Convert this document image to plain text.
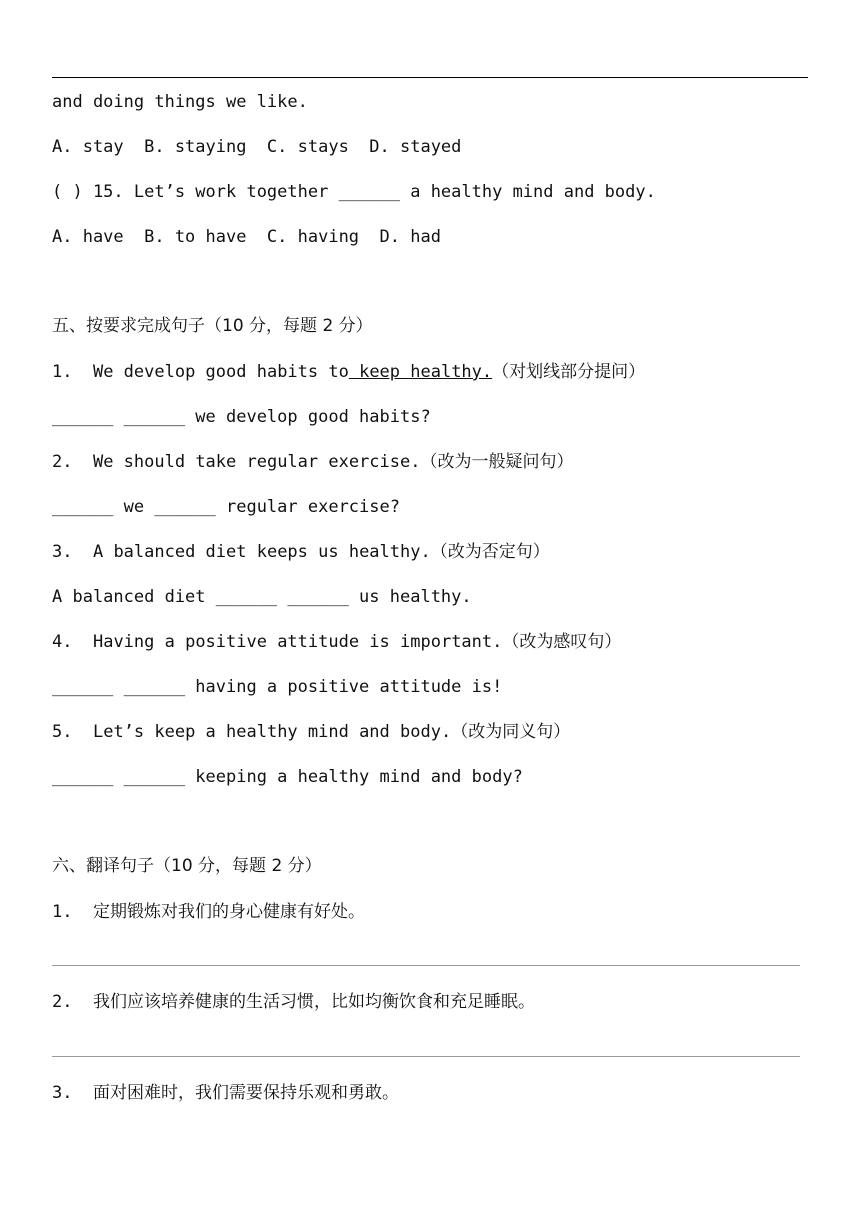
and doing things we like.
A. stay  B. staying  C. stays  D. stayed
( ) 15. Let’s work together ______ a healthy mind and body.
A. have  B. to have  C. having  D. had
五、按要求完成句子（10 分，每题 2 分）
1. We develop good habits to keep healthy.（对划线部分提问）
______ ______ we develop good habits?
2. We should take regular exercise.（改为一般疑问句）
______ we ______ regular exercise?
3. A balanced diet keeps us healthy.（改为否定句）
A balanced diet ______ ______ us healthy.
4. Having a positive attitude is important.（改为感叹句）
______ ______ having a positive attitude is!
5. Let’s keep a healthy mind and body.（改为同义句）
______ ______ keeping a healthy mind and body?
六、翻译句子（10 分，每题 2 分）
1. 定期锻炼对我们的身心健康有好处。
2. 我们应该培养健康的生活习惯，比如均衡饮食和充足睡眠。
3. 面对困难时，我们需要保持乐观和勇敢。
